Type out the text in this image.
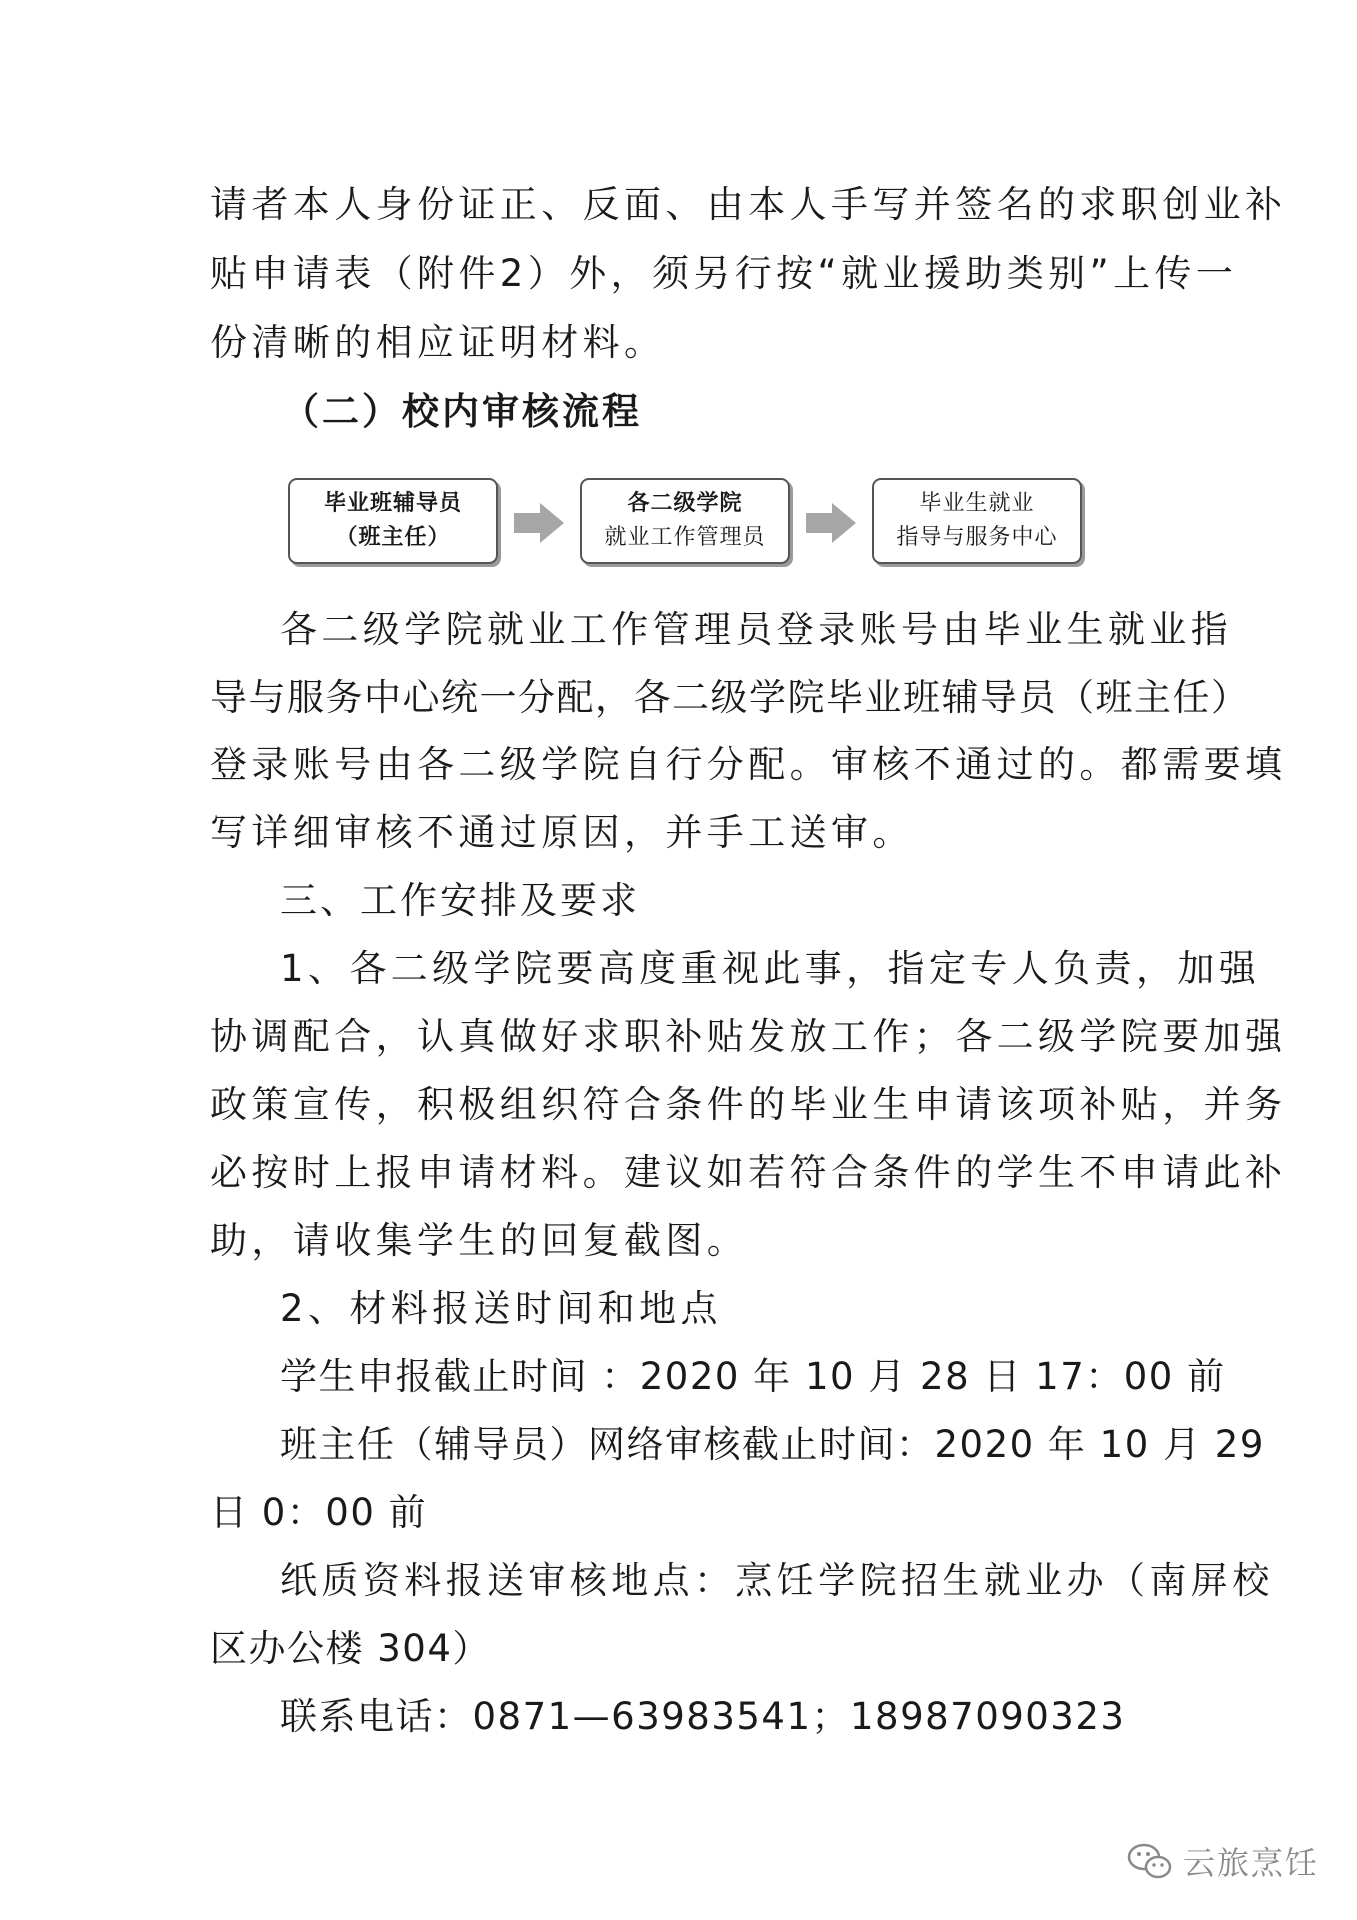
请者本人身份证正、反面、由本人手写并签名的求职创业补
贴申请表（附件2）外，须另行按“就业援助类别”上传一
份清晰的相应证明材料。
（二）校内审核流程
毕业班辅导员
（班主任）
各二级学院
就业工作管理员
毕业生就业
指导与服务中心
各二级学院就业工作管理员登录账号由毕业生就业指
导与服务中心统一分配，各二级学院毕业班辅导员（班主任）
登录账号由各二级学院自行分配。审核不通过的。都需要填
写详细审核不通过原因，并手工送审。
三、工作安排及要求
1、各二级学院要高度重视此事，指定专人负责，加强
协调配合，认真做好求职补贴发放工作；各二级学院要加强
政策宣传，积极组织符合条件的毕业生申请该项补贴，并务
必按时上报申请材料。建议如若符合条件的学生不申请此补
助，请收集学生的回复截图。
2、材料报送时间和地点
学生申报截止时间 ：2020 年 10 月 28 日 17：00 前
班主任（辅导员）网络审核截止时间：2020 年 10 月 29
日 0：00 前
纸质资料报送审核地点：烹饪学院招生就业办（南屏校
区办公楼 304）
联系电话：0871—63983541；18987090323
云旅烹饪
